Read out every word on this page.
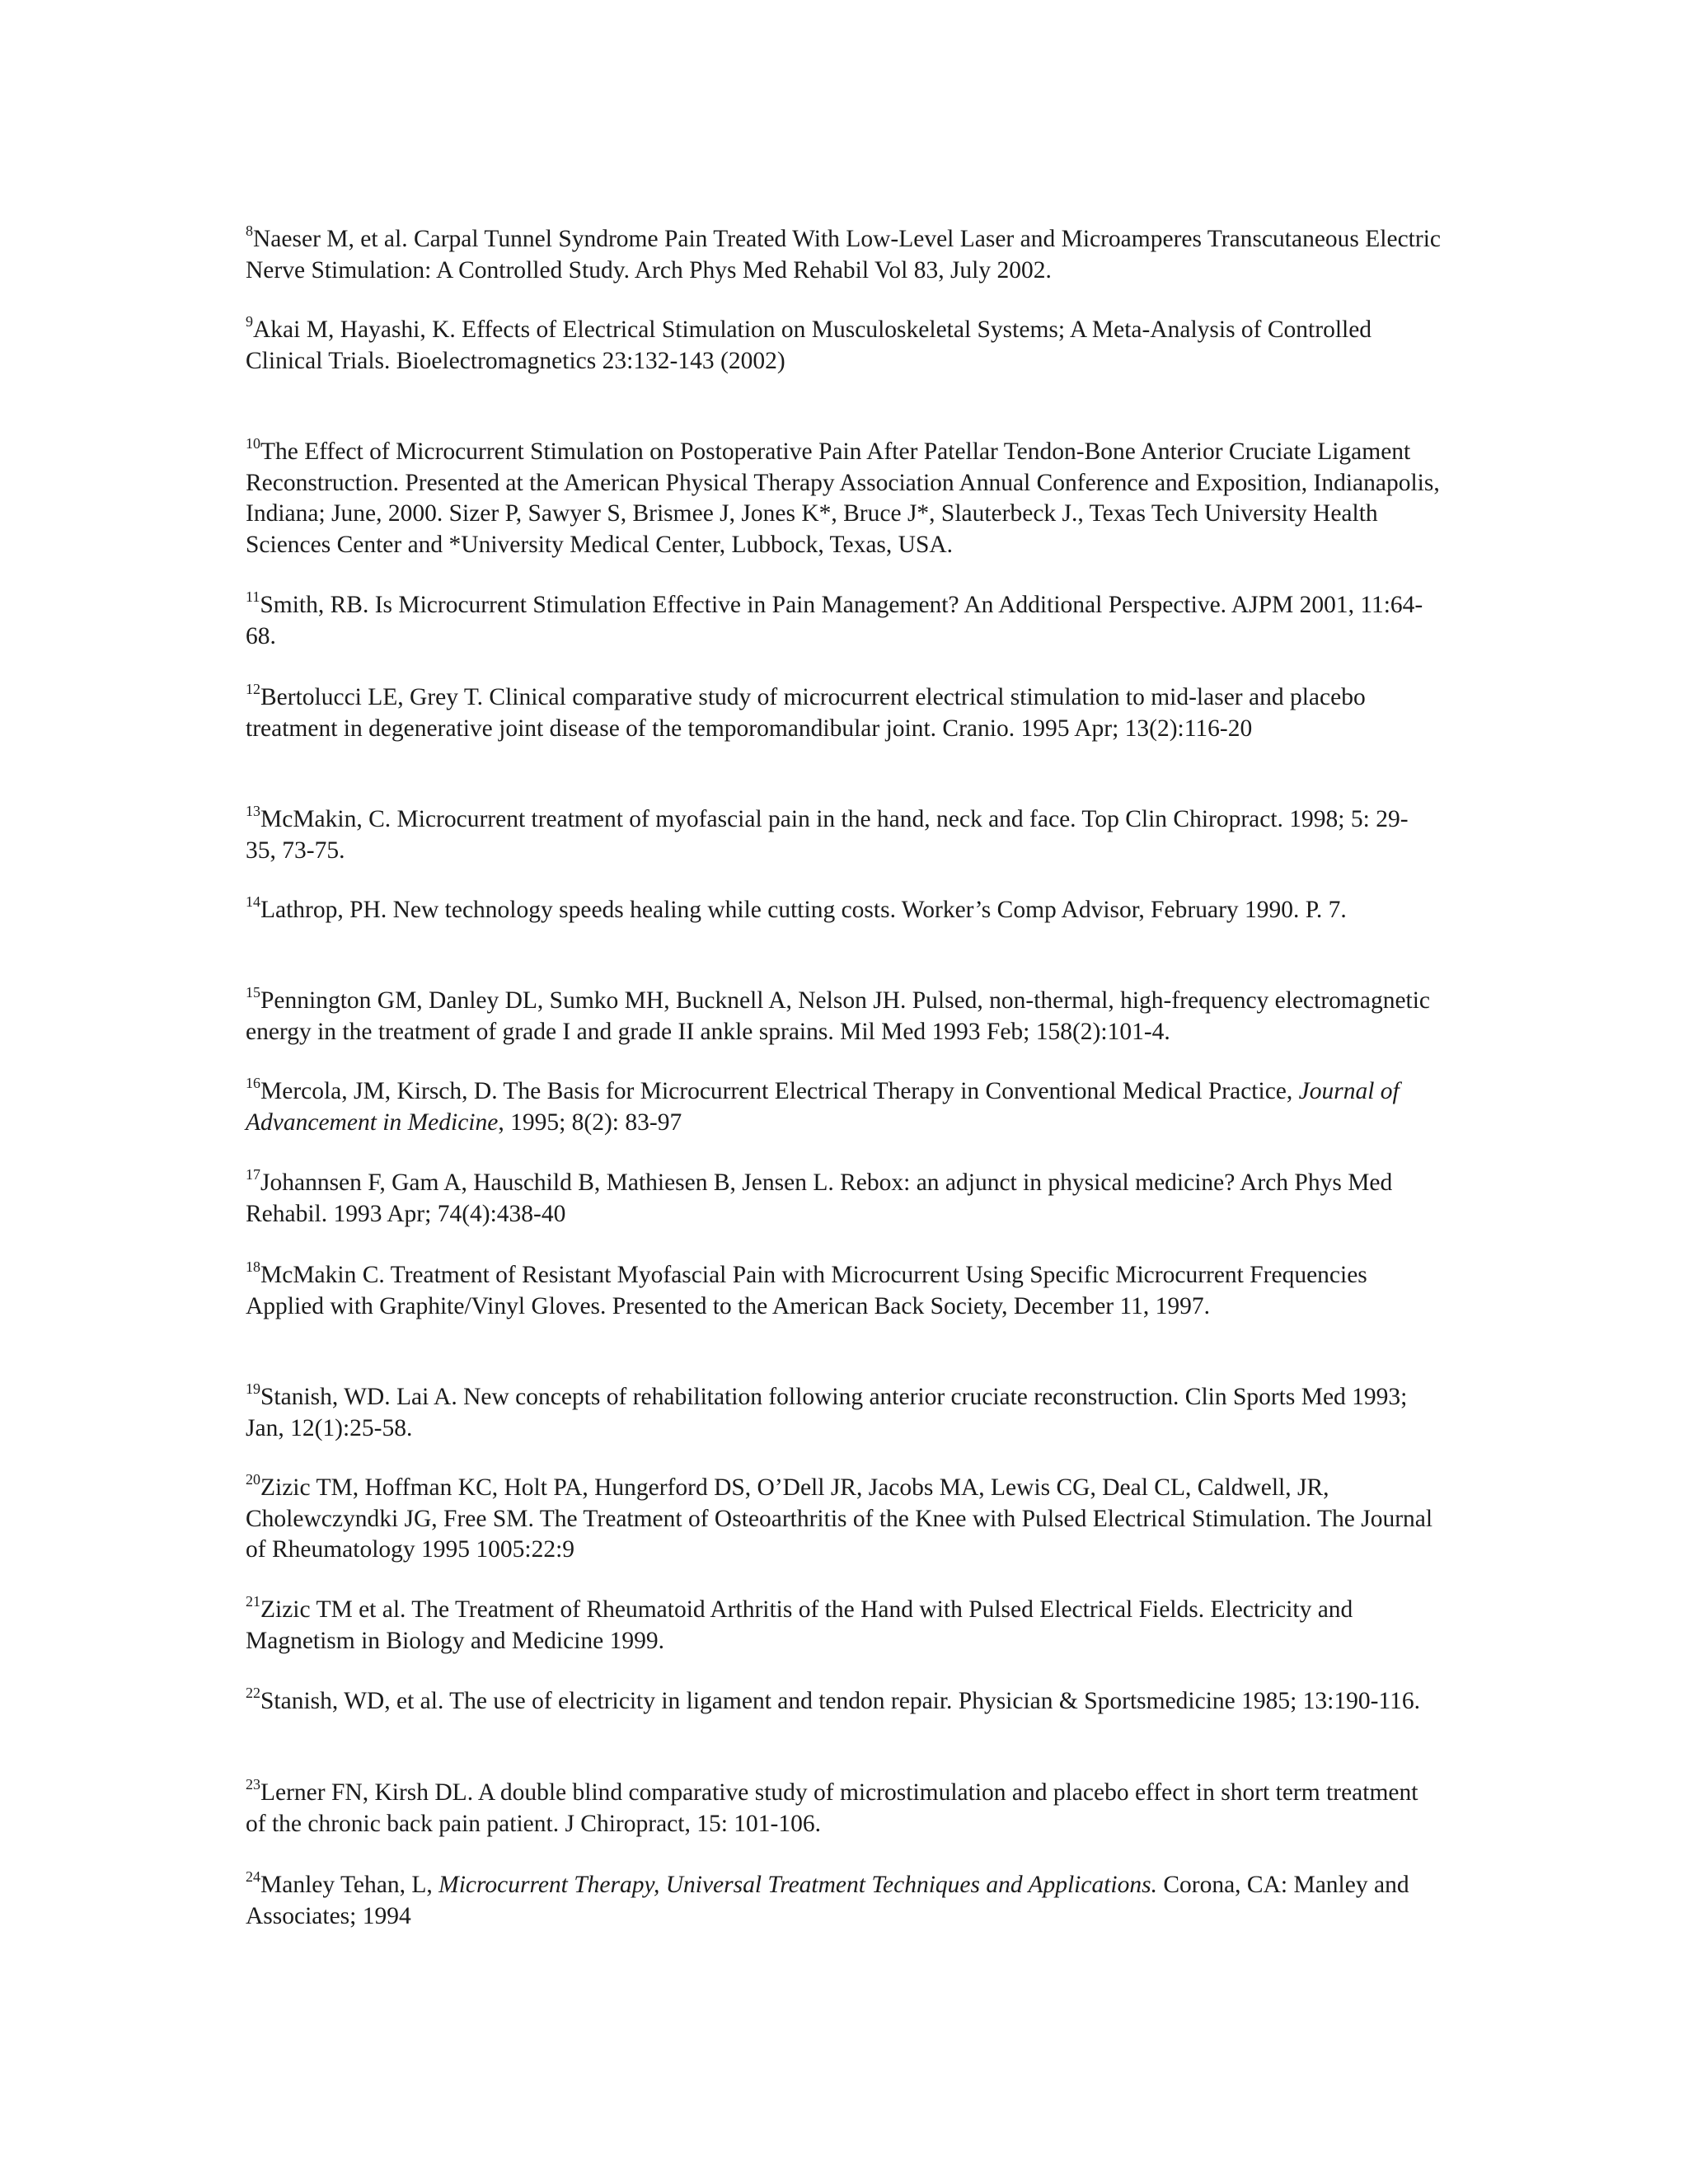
$^8$Naeser M, et al. Carpal Tunnel Syndrome Pain Treated With Low-Level Laser and Microamperes Transcutaneous Electric Nerve Stimulation: A Controlled Study. Arch Phys Med Rehabil Vol 83, July 2002.

$^9$Akai M, Hayashi, K. Effects of Electrical Stimulation on Musculoskeletal Systems; A Meta-Analysis of Controlled Clinical Trials. Bioelectromagnetics 23:132-143 (2002)

$^{10}$The Effect of Microcurrent Stimulation on Postoperative Pain After Patellar Tendon-Bone Anterior Cruciate Ligament Reconstruction. Presented at the American Physical Therapy Association Annual Conference and Exposition, Indianapolis, Indiana; June, 2000. Sizer P, Sawyer S, Brismee J, Jones K*, Bruce J*, Slauterbeck J., Texas Tech University Health Sciences Center and *University Medical Center, Lubbock, Texas, USA.

$^{11}$Smith, RB. Is Microcurrent Stimulation Effective in Pain Management? An Additional Perspective. AJPM 2001, 11:64-68.

$^{12}$Bertolucci LE, Grey T. Clinical comparative study of microcurrent electrical stimulation to mid-laser and placebo treatment in degenerative joint disease of the temporomandibular joint. Cranio. 1995 Apr; 13(2):116-20

$^{13}$McMakin, C. Microcurrent treatment of myofascial pain in the hand, neck and face. Top Clin Chiropract. 1998; 5: 29-35, 73-75.

$^{14}$Lathrop, PH. New technology speeds healing while cutting costs. Worker’s Comp Advisor, February 1990. P. 7.

$^{15}$Pennington GM, Danley DL, Sumko MH, Bucknell A, Nelson JH. Pulsed, non-thermal, high-frequency electromagnetic energy in the treatment of grade I and grade II ankle sprains. Mil Med 1993 Feb; 158(2):101-4.

$^{16}$Mercola, JM, Kirsch, D. The Basis for Microcurrent Electrical Therapy in Conventional Medical Practice, Journal of Advancement in Medicine, 1995; 8(2): 83-97

$^{17}$Johannsen F, Gam A, Hauschild B, Mathiesen B, Jensen L. Rebox: an adjunct in physical medicine? Arch Phys Med Rehabil. 1993 Apr; 74(4):438-40

$^{18}$McMakin C. Treatment of Resistant Myofascial Pain with Microcurrent Using Specific Microcurrent Frequencies Applied with Graphite/Vinyl Gloves. Presented to the American Back Society, December 11, 1997.

$^{19}$Stanish, WD. Lai A. New concepts of rehabilitation following anterior cruciate reconstruction. Clin Sports Med 1993; Jan, 12(1):25-58.

$^{20}$Zizic TM, Hoffman KC, Holt PA, Hungerford DS, O’Dell JR, Jacobs MA, Lewis CG, Deal CL, Caldwell, JR, Cholewczyndki JG, Free SM. The Treatment of Osteoarthritis of the Knee with Pulsed Electrical Stimulation. The Journal of Rheumatology 1995 1005:22:9

$^{21}$Zizic TM et al. The Treatment of Rheumatoid Arthritis of the Hand with Pulsed Electrical Fields. Electricity and Magnetism in Biology and Medicine 1999.

$^{22}$Stanish, WD, et al. The use of electricity in ligament and tendon repair. Physician & Sportsmedicine 1985; 13:190-116.

$^{23}$Lerner FN, Kirsh DL. A double blind comparative study of microstimulation and placebo effect in short term treatment of the chronic back pain patient. J Chiropract, 15: 101-106.

$^{24}$Manley Tehan, L, Microcurrent Therapy, Universal Treatment Techniques and Applications. Corona, CA: Manley and Associates; 1994
